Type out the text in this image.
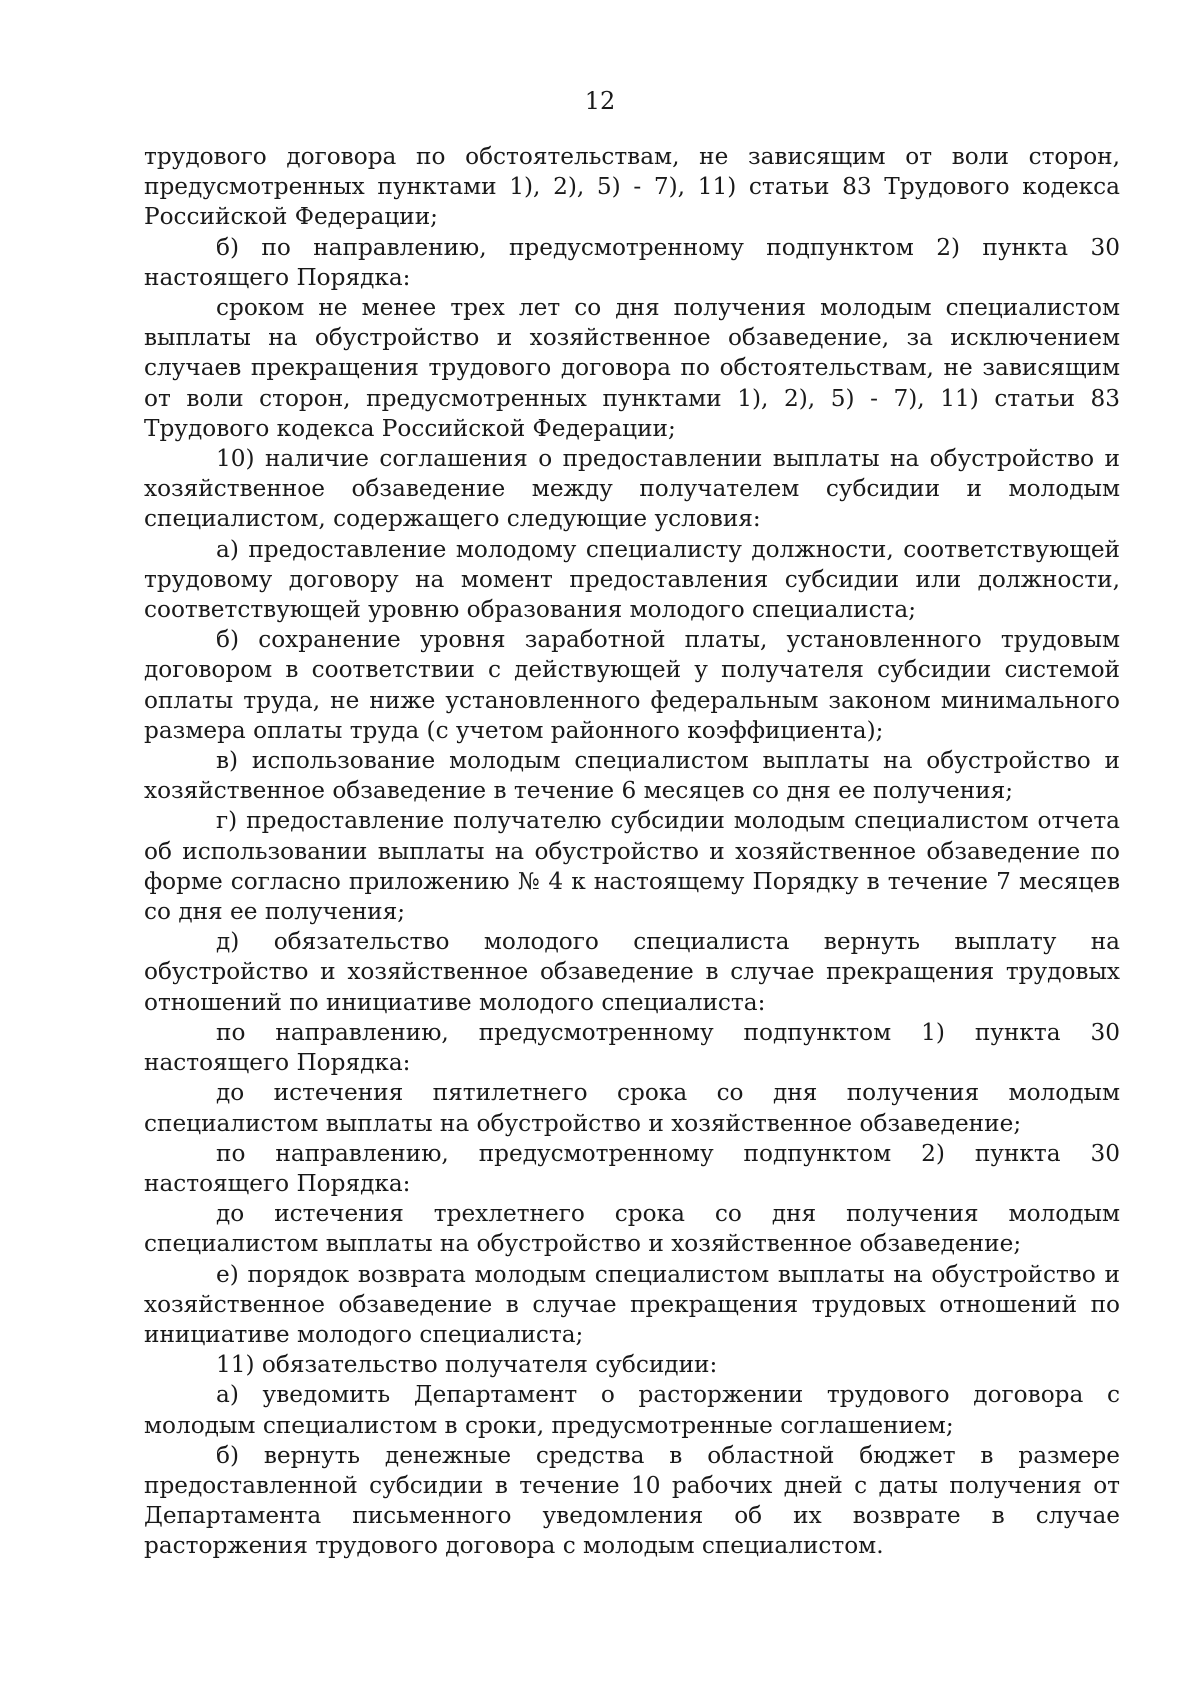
12

трудового договора по обстоятельствам, не зависящим от воли сторон, предусмотренных пунктами 1), 2), 5) - 7), 11) статьи 83 Трудового кодекса Российской Федерации;

б) по направлению, предусмотренному подпунктом 2) пункта 30 настоящего Порядка:

сроком не менее трех лет со дня получения молодым специалистом выплаты на обустройство и хозяйственное обзаведение, за исключением случаев прекращения трудового договора по обстоятельствам, не зависящим от воли сторон, предусмотренных пунктами 1), 2), 5) - 7), 11) статьи 83 Трудового кодекса Российской Федерации;

10) наличие соглашения о предоставлении выплаты на обустройство и хозяйственное обзаведение между получателем субсидии и молодым специалистом, содержащего следующие условия:

а) предоставление молодому специалисту должности, соответствующей трудовому договору на момент предоставления субсидии или должности, соответствующей уровню образования молодого специалиста;

б) сохранение уровня заработной платы, установленного трудовым договором в соответствии с действующей у получателя субсидии системой оплаты труда, не ниже установленного федеральным законом минимального размера оплаты труда (с учетом районного коэффициента);

в) использование молодым специалистом выплаты на обустройство и хозяйственное обзаведение в течение 6 месяцев со дня ее получения;

г) предоставление получателю субсидии молодым специалистом отчета об использовании выплаты на обустройство и хозяйственное обзаведение по форме согласно приложению № 4 к настоящему Порядку в течение 7 месяцев со дня ее получения;

д) обязательство молодого специалиста вернуть выплату на обустройство и хозяйственное обзаведение в случае прекращения трудовых отношений по инициативе молодого специалиста:

по направлению, предусмотренному подпунктом 1) пункта 30 настоящего Порядка:

до истечения пятилетнего срока со дня получения молодым специалистом выплаты на обустройство и хозяйственное обзаведение;

по направлению, предусмотренному подпунктом 2) пункта 30 настоящего Порядка:

до истечения трехлетнего срока со дня получения молодым специалистом выплаты на обустройство и хозяйственное обзаведение;

е) порядок возврата молодым специалистом выплаты на обустройство и хозяйственное обзаведение в случае прекращения трудовых отношений по инициативе молодого специалиста;

11) обязательство получателя субсидии:

а) уведомить Департамент о расторжении трудового договора с молодым специалистом в сроки, предусмотренные соглашением;

б) вернуть денежные средства в областной бюджет в размере предоставленной субсидии в течение 10 рабочих дней с даты получения от Департамента письменного уведомления об их возврате в случае расторжения трудового договора с молодым специалистом.
